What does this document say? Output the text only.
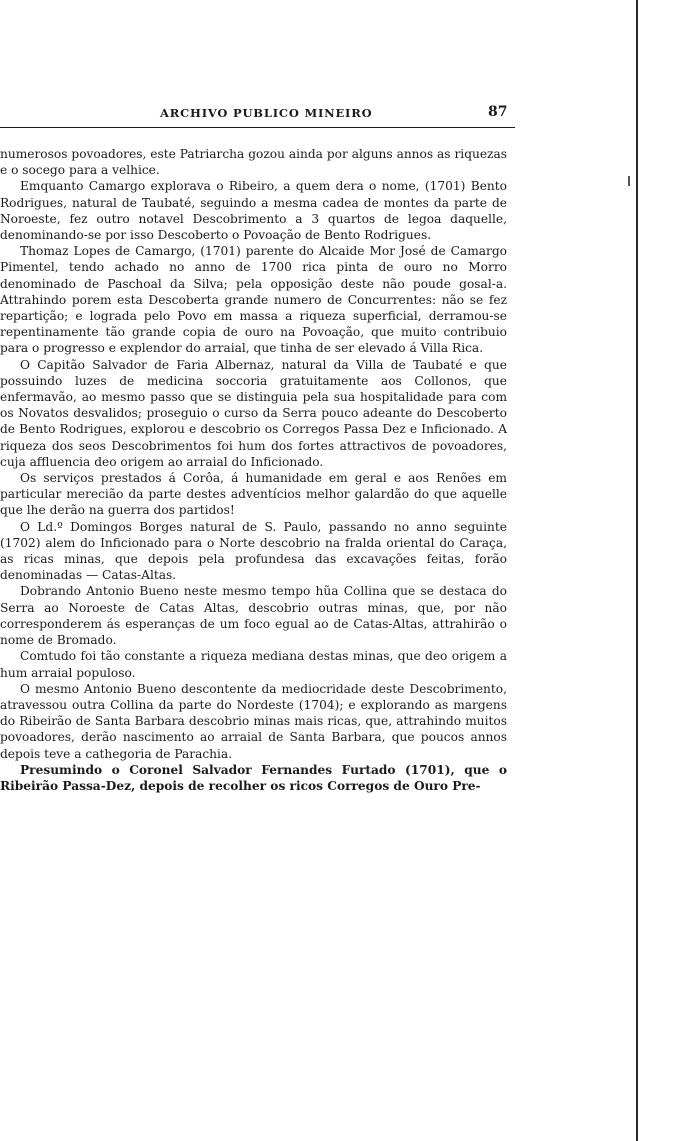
ARCHIVO PUBLICO MINEIRO	87

numerosos povoadores, este Patriarcha gozou ainda por alguns annos as riquezas e o socego para a velhice.

Emquanto Camargo explorava o Ribeiro, a quem dera o nome, (1701) Bento Rodrigues, natural de Taubaté, seguindo a mesma cadea de montes da parte de Noroeste, fez outro notavel Descobrimento a 3 quartos de legoa daquelle, denominando-se por isso Descoberto o Povoação de Bento Rodrigues.

Thomaz Lopes de Camargo, (1701) parente do Alcaide Mor José de Camargo Pimentel, tendo achado no anno de 1700 rica pinta de ouro no Morro denominado de Paschoal da Silva; pela opposição deste não poude gosal-a. Attrahindo porem esta Descoberta grande numero de Concurrentes: não se fez repartição; e lograda pelo Povo em massa a riqueza superficial, derramou-se repentinamente tão grande copia de ouro na Povoação, que muito contribuio para o progresso e explendor do arraial, que tinha de ser elevado á Villa Rica.

O Capitão Salvador de Faria Albernaz, natural da Villa de Taubaté e que possuindo luzes de medicina soccoria gratuitamente aos Collonos, que enfermavão, ao mesmo passo que se distinguia pela sua hospitalidade para com os Novatos desvalidos; proseguio o curso da Serra pouco adeante do Descoberto de Bento Rodrigues, explorou e descobrio os Corregos Passa Dez e Inficionado. A riqueza dos seos Descobrimentos foi hum dos fortes attractivos de povoadores, cuja affluencia deo origem ao arraial do Inficionado.

Os serviços prestados á Corôa, á humanidade em geral e aos Renões em particular merecião da parte destes adventícios melhor galardão do que aquelle que lhe derão na guerra dos partidos!

O Ld.º Domingos Borges natural de S. Paulo, passando no anno seguinte (1702) alem do Inficionado para o Norte descobrio na fralda oriental do Caraça, as ricas minas, que depois pela profundesa das excavações feitas, forão denominadas — Catas-Altas.

Dobrando Antonio Bueno neste mesmo tempo hũa Collina que se destaca do Serra ao Noroeste de Catas Altas, descobrio outras minas, que, por não corresponderem ás esperanças de um foco egual ao de Catas-Altas, attrahirão o nome de Bromado.

Comtudo foi tão constante a riqueza mediana destas minas, que deo origem a hum arraial populoso.

O mesmo Antonio Bueno descontente da mediocridade deste Descobrimento, atravessou outra Collina da parte do Nordeste (1704); e explorando as margens do Ribeirão de Santa Barbara descobrio minas mais ricas, que, attrahindo muitos povoadores, derão nascimento ao arraial de Santa Barbara, que poucos annos depois teve a cathegoria de Parachia.

Presumindo o Coronel Salvador Fernandes Furtado (1701), que o Ribeirão Passa-Dez, depois de recolher os ricos Corregos de Ouro Pre-
